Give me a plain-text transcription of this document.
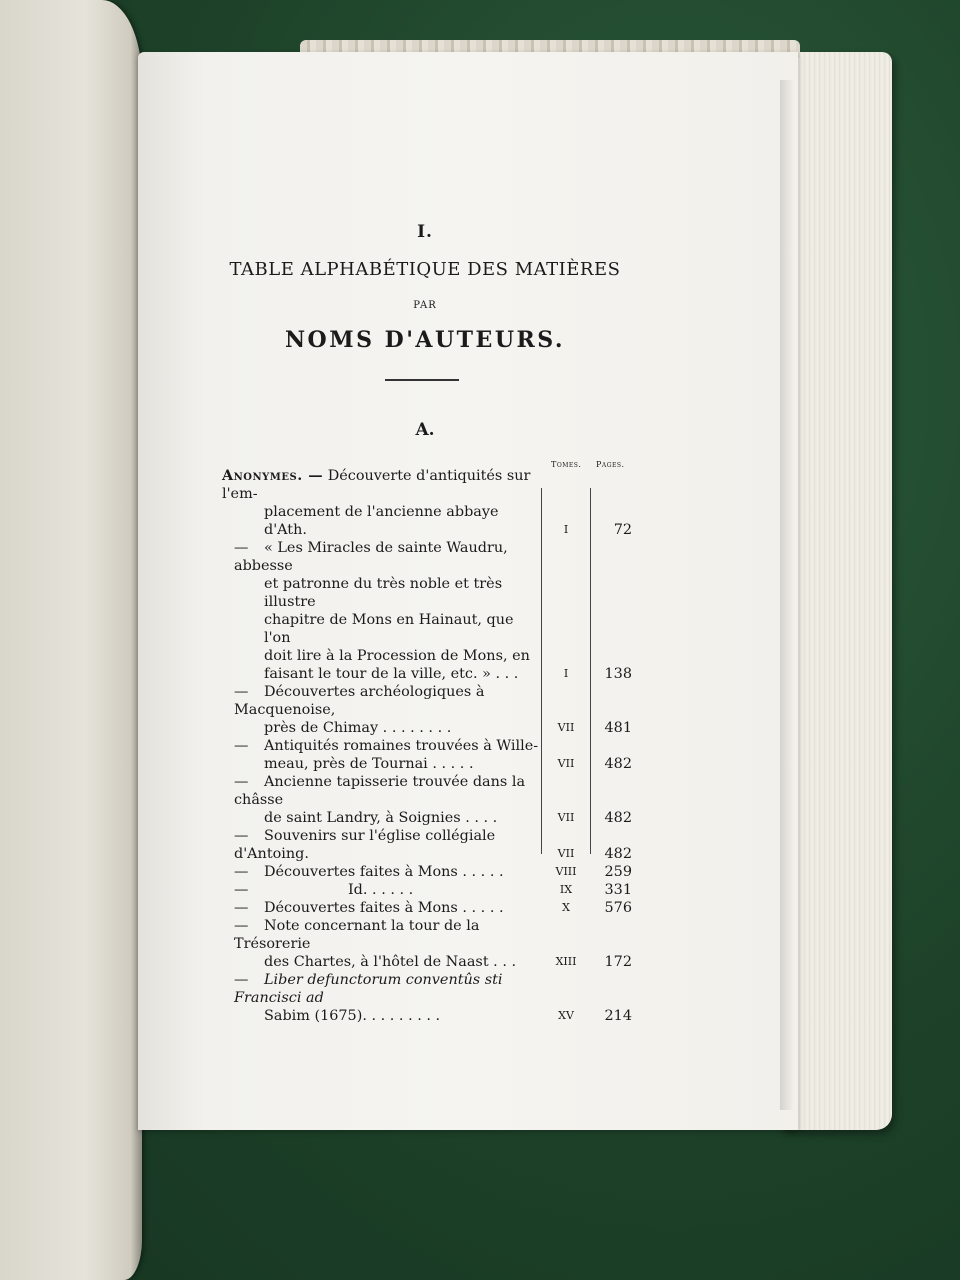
I.
TABLE ALPHABÉTIQUE DES MATIÈRES
PAR
NOMS D'AUTEURS.
A.
Tomes. Pages.
Anonymes. — Découverte d'antiquités sur l'em-
placement de l'ancienne abbaye d'Ath.	I	72
— « Les Miracles de sainte Waudru, abbesse
et patronne du très noble et très illustre
chapitre de Mons en Hainaut, que l'on
doit lire à la Procession de Mons, en
faisant le tour de la ville, etc. » . . .	I	138
— Découvertes archéologiques à Macquenoise,
près de Chimay . . . . . . . .	VII	481
— Antiquités romaines trouvées à Wille-
meau, près de Tournai . . . . .	VII	482
— Ancienne tapisserie trouvée dans la châsse
de saint Landry, à Soignies . . . .	VII	482
— Souvenirs sur l'église collégiale d'Antoing.	VII	482
— Découvertes faites à Mons . . . . .	VIII	259
—	Id. . . . . .	IX	331
— Découvertes faites à Mons . . . . .	X	576
— Note concernant la tour de la Trésorerie
des Chartes, à l'hôtel de Naast . . .	XIII	172
— Liber defunctorum conventûs sti Francisci ad
Sabim (1675). . . . . . . . .	XV	214
